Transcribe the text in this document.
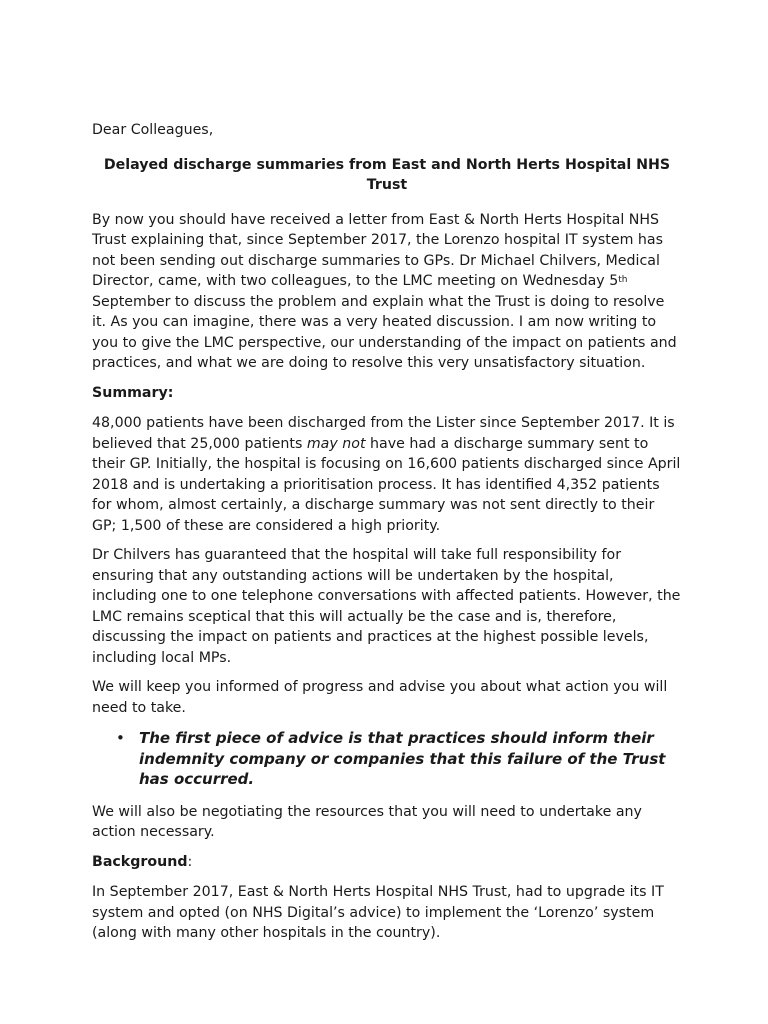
Dear Colleagues,

Delayed discharge summaries from East and North Herts Hospital NHS
Trust

By now you should have received a letter from East & North Herts Hospital NHS Trust explaining that, since September 2017, the Lorenzo hospital IT system has not been sending out discharge summaries to GPs. Dr Michael Chilvers, Medical Director, came, with two colleagues, to the LMC meeting on Wednesday 5th September to discuss the problem and explain what the Trust is doing to resolve it. As you can imagine, there was a very heated discussion. I am now writing to you to give the LMC perspective, our understanding of the impact on patients and practices, and what we are doing to resolve this very unsatisfactory situation.

Summary:

48,000 patients have been discharged from the Lister since September 2017. It is believed that 25,000 patients may not have had a discharge summary sent to their GP. Initially, the hospital is focusing on 16,600 patients discharged since April 2018 and is undertaking a prioritisation process. It has identified 4,352 patients for whom, almost certainly, a discharge summary was not sent directly to their GP; 1,500 of these are considered a high priority.

Dr Chilvers has guaranteed that the hospital will take full responsibility for ensuring that any outstanding actions will be undertaken by the hospital, including one to one telephone conversations with affected patients. However, the LMC remains sceptical that this will actually be the case and is, therefore, discussing the impact on patients and practices at the highest possible levels, including local MPs.

We will keep you informed of progress and advise you about what action you will need to take.

• The first piece of advice is that practices should inform their indemnity company or companies that this failure of the Trust has occurred.

We will also be negotiating the resources that you will need to undertake any action necessary.

Background:

In September 2017, East & North Herts Hospital NHS Trust, had to upgrade its IT system and opted (on NHS Digital’s advice) to implement the ‘Lorenzo’ system (along with many other hospitals in the country).
